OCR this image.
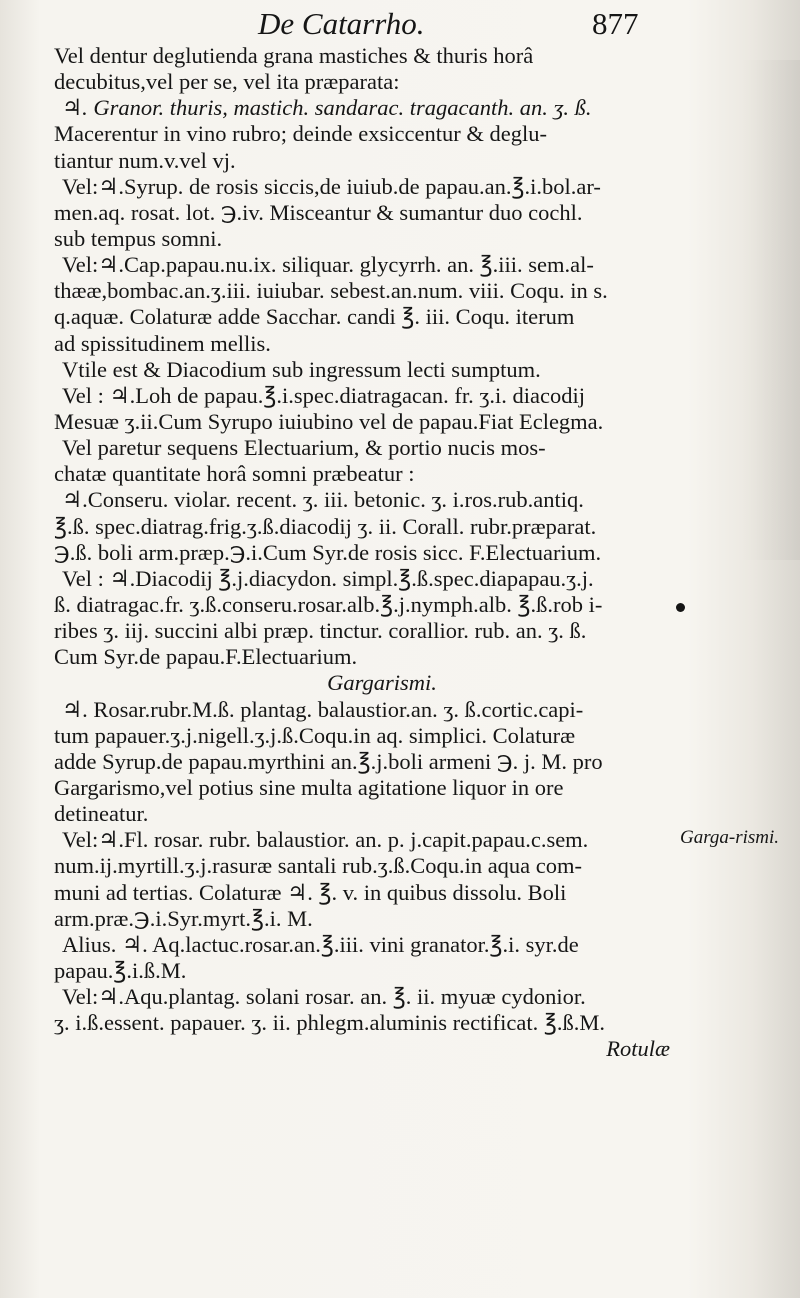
De Catarrho.	877
Vel dentur deglutienda grana mastiches & thuris horâ
decubitus,vel per se, vel ita præparata:
♃. Granor. thuris, mastich. sandarac. tragacanth. an. ʒ. ß.
Macerentur in vino rubro; deinde exsiccentur & deglu-
tiantur num.v.vel vj.
Vel:♃.Syrup. de rosis siccis,de iuiub.de papau.an.℥.i.bol.ar-
men.aq. rosat. lot. ℈.iv. Misceantur & sumantur duo cochl.
sub tempus somni.
Vel:♃.Cap.papau.nu.ix. siliquar. glycyrrh. an. ℥.iii. sem.al-
thææ,bombac.an.ʒ.iii. iuiubar. sebest.an.num. viii. Coqu. in s.
q.aquæ. Colaturæ adde Sacchar. candi ℥. iii. Coqu. iterum
ad spissitudinem mellis.
Vtile est & Diacodium sub ingressum lecti sumptum.
Vel : ♃.Loh de papau.℥.i.spec.diatragacan. fr. ʒ.i. diacodij
Mesuæ ʒ.ii.Cum Syrupo iuiubino vel de papau.Fiat Eclegma.
Vel paretur sequens Electuarium, & portio nucis mos-
chatæ quantitate horâ somni præbeatur :
♃.Conseru. violar. recent. ʒ. iii. betonic. ʒ. i.ros.rub.antiq.
℥.ß. spec.diatrag.frig.ʒ.ß.diacodij ʒ. ii. Corall. rubr.præparat.
℈.ß. boli arm.præp.℈.i.Cum Syr.de rosis sicc. F.Electuarium.
Vel : ♃.Diacodij ℥.j.diacydon. simpl.℥.ß.spec.diapapau.ʒ.j.
ß. diatragac.fr. ʒ.ß.conseru.rosar.alb.℥.j.nymph.alb. ℥.ß.rob i-
ribes ʒ. iij. succini albi præp. tinctur. corallior. rub. an. ʒ. ß.
Cum Syr.de papau.F.Electuarium.
Gargarismi.
♃. Rosar.rubr.M.ß. plantag. balaustior.an. ʒ. ß.cortic.capi-
tum papauer.ʒ.j.nigell.ʒ.j.ß.Coqu.in aq. simplici. Colaturæ
adde Syrup.de papau.myrthini an.℥.j.boli armeni ℈. j. M. pro
Gargarismo,vel potius sine multa agitatione liquor in ore
detineatur.
Vel:♃.Fl. rosar. rubr. balaustior. an. p. j.capit.papau.c.sem.
num.ij.myrtill.ʒ.j.rasuræ santali rub.ʒ.ß.Coqu.in aqua com-
muni ad tertias. Colaturæ ♃. ℥. v. in quibus dissolu. Boli
arm.præ.℈.i.Syr.myrt.℥.i. M.
Alius. ♃. Aq.lactuc.rosar.an.℥.iii. vini granator.℥.i. syr.de
papau.℥.i.ß.M.
Vel:♃.Aqu.plantag. solani rosar. an. ℥. ii. myuæ cydonior.
ʒ. i.ß.essent. papauer. ʒ. ii. phlegm.aluminis rectificat. ℥.ß.M.
Rotulæ
Garga-rismi.
